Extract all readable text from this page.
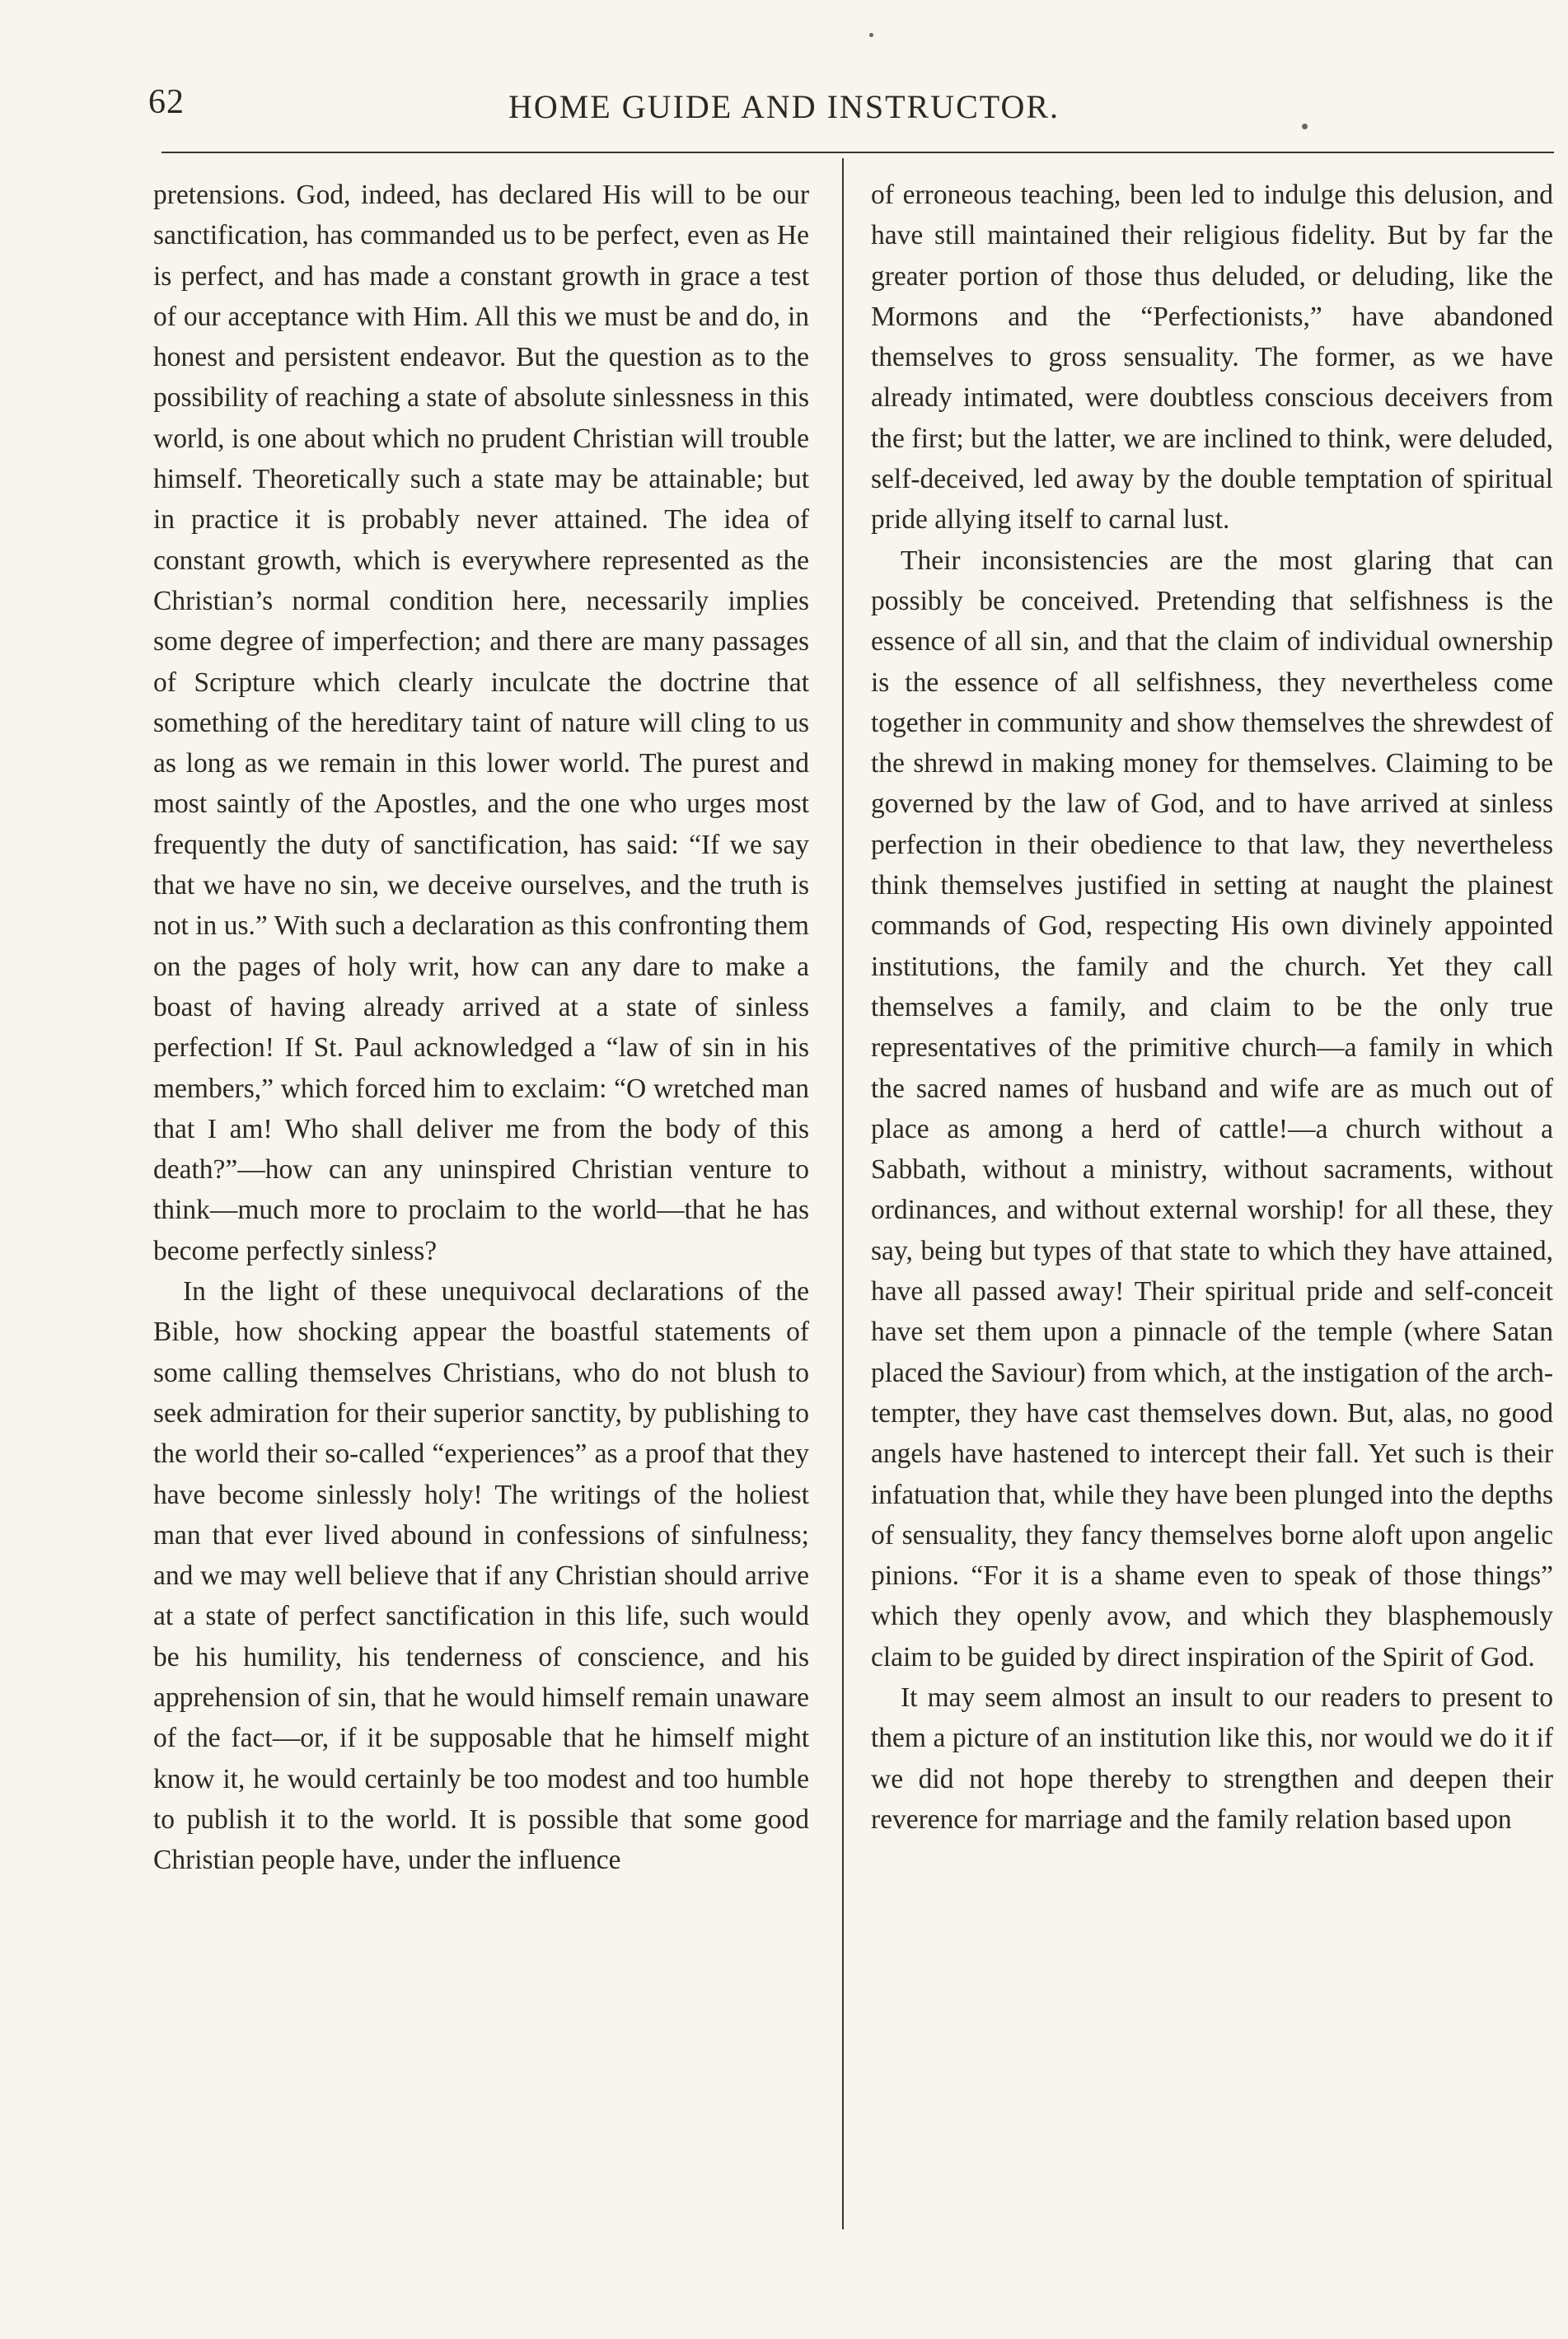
62	HOME GUIDE AND INSTRUCTOR.

pretensions. God, indeed, has declared His will to be our sanctification, has commanded us to be perfect, even as He is perfect, and has made a constant growth in grace a test of our acceptance with Him. All this we must be and do, in honest and persistent endeavor. But the question as to the possibility of reaching a state of absolute sinlessness in this world, is one about which no prudent Christian will trouble himself. Theoretically such a state may be attainable; but in practice it is probably never attained. The idea of constant growth, which is everywhere represented as the Christian’s normal condition here, necessarily implies some degree of imperfection; and there are many passages of Scripture which clearly inculcate the doctrine that something of the hereditary taint of nature will cling to us as long as we remain in this lower world. The purest and most saintly of the Apostles, and the one who urges most frequently the duty of sanctification, has said: “If we say that we have no sin, we deceive ourselves, and the truth is not in us.” With such a declaration as this confronting them on the pages of holy writ, how can any dare to make a boast of having already arrived at a state of sinless perfection! If St. Paul acknowledged a “law of sin in his members,” which forced him to exclaim: “O wretched man that I am! Who shall deliver me from the body of this death?”—how can any uninspired Christian venture to think—much more to proclaim to the world—that he has become perfectly sinless?

In the light of these unequivocal declarations of the Bible, how shocking appear the boastful statements of some calling themselves Christians, who do not blush to seek admiration for their superior sanctity, by publishing to the world their so-called “experiences” as a proof that they have become sinlessly holy! The writings of the holiest man that ever lived abound in confessions of sinfulness; and we may well believe that if any Christian should arrive at a state of perfect sanctification in this life, such would be his humility, his tenderness of conscience, and his apprehension of sin, that he would himself remain unaware of the fact—or, if it be supposable that he himself might know it, he would certainly be too modest and too humble to publish it to the world. It is possible that some good Christian people have, under the influence

of erroneous teaching, been led to indulge this delusion, and have still maintained their religious fidelity. But by far the greater portion of those thus deluded, or deluding, like the Mormons and the “Perfectionists,” have abandoned themselves to gross sensuality. The former, as we have already intimated, were doubtless conscious deceivers from the first; but the latter, we are inclined to think, were deluded, self-deceived, led away by the double temptation of spiritual pride allying itself to carnal lust.

Their inconsistencies are the most glaring that can possibly be conceived. Pretending that selfishness is the essence of all sin, and that the claim of individual ownership is the essence of all selfishness, they nevertheless come together in community and show themselves the shrewdest of the shrewd in making money for themselves. Claiming to be governed by the law of God, and to have arrived at sinless perfection in their obedience to that law, they nevertheless think themselves justified in setting at naught the plainest commands of God, respecting His own divinely appointed institutions, the family and the church. Yet they call themselves a family, and claim to be the only true representatives of the primitive church—a family in which the sacred names of husband and wife are as much out of place as among a herd of cattle!—a church without a Sabbath, without a ministry, without sacraments, without ordinances, and without external worship! for all these, they say, being but types of that state to which they have attained, have all passed away! Their spiritual pride and self-conceit have set them upon a pinnacle of the temple (where Satan placed the Saviour) from which, at the instigation of the arch-tempter, they have cast themselves down. But, alas, no good angels have hastened to intercept their fall. Yet such is their infatuation that, while they have been plunged into the depths of sensuality, they fancy themselves borne aloft upon angelic pinions. “For it is a shame even to speak of those things” which they openly avow, and which they blasphemously claim to be guided by direct inspiration of the Spirit of God.

It may seem almost an insult to our readers to present to them a picture of an institution like this, nor would we do it if we did not hope thereby to strengthen and deepen their reverence for marriage and the family relation based upon
